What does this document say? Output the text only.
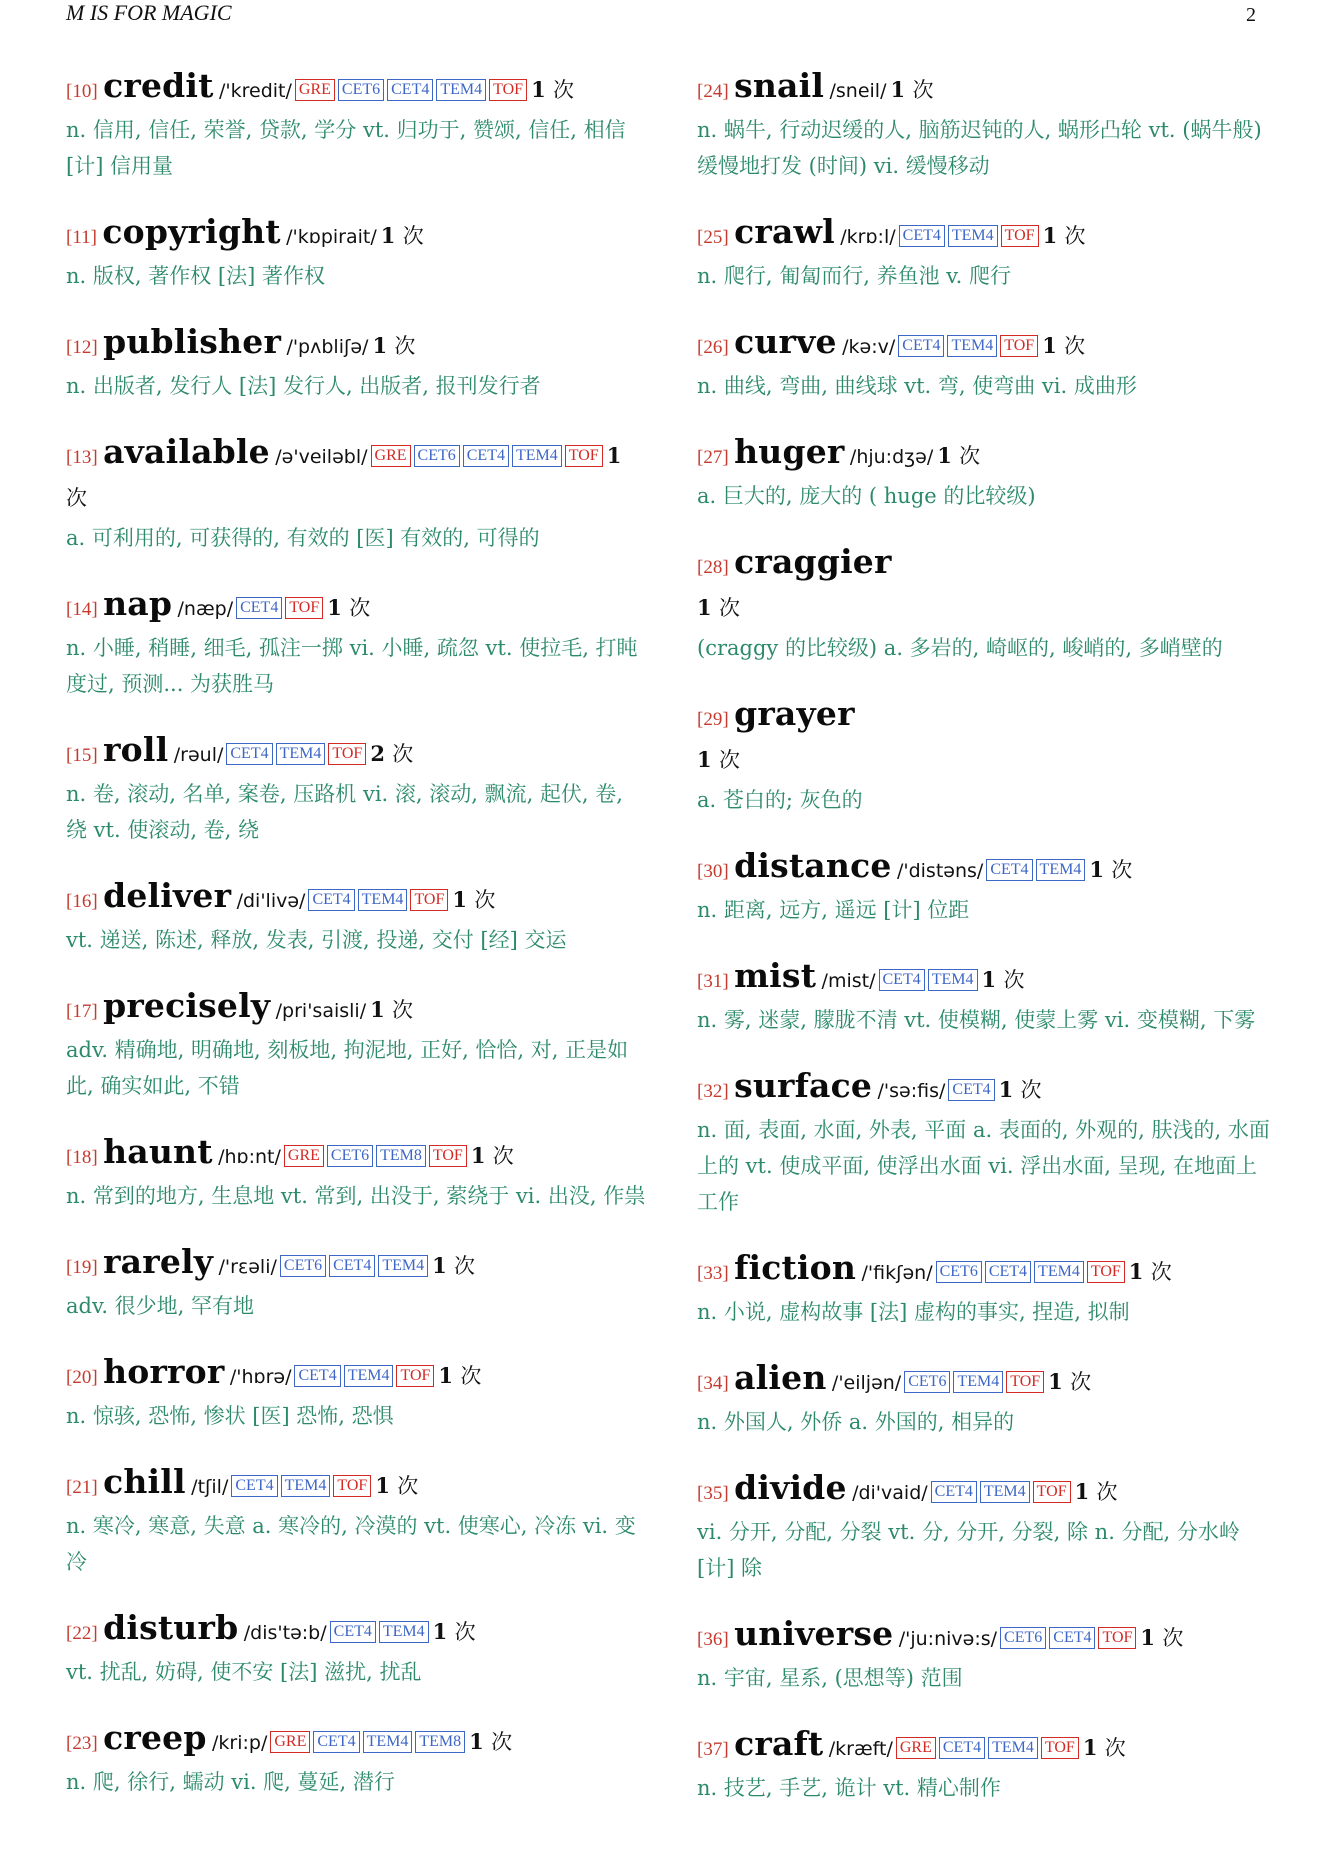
M IS FOR MAGIC	2
[10] credit /'kredit/ GRE CET6 CET4 TEM4 TOF 1 次
n. 信用, 信任, 荣誉, 贷款, 学分 vt. 归功于, 赞颂, 信任, 相信 [计] 信用量
[11] copyright /'kɒpirait/ 1 次
n. 版权, 著作权 [法] 著作权
[12] publisher /'pʌbliʃə/ 1 次
n. 出版者, 发行人 [法] 发行人, 出版者, 报刊发行者
[13] available /ə'veiləbl/ GRE CET6 CET4 TEM4 TOF 1 次
a. 可利用的, 可获得的, 有效的 [医] 有效的, 可得的
[14] nap /næp/ CET4 TOF 1 次
n. 小睡, 稍睡, 细毛, 孤注一掷 vi. 小睡, 疏忽 vt. 使拉毛, 打盹度过, 预测... 为获胜马
[15] roll /rəul/ CET4 TEM4 TOF 2 次
n. 卷, 滚动, 名单, 案卷, 压路机 vi. 滚, 滚动, 飘流, 起伏, 卷, 绕 vt. 使滚动, 卷, 绕
[16] deliver /di'livə/ CET4 TEM4 TOF 1 次
vt. 递送, 陈述, 释放, 发表, 引渡, 投递, 交付 [经] 交运
[17] precisely /pri'saisli/ 1 次
adv. 精确地, 明确地, 刻板地, 拘泥地, 正好, 恰恰, 对, 正是如此, 确实如此, 不错
[18] haunt /hɒ:nt/ GRE CET6 TEM8 TOF 1 次
n. 常到的地方, 生息地 vt. 常到, 出没于, 萦绕于 vi. 出没, 作祟
[19] rarely /'rεəli/ CET6 CET4 TEM4 1 次
adv. 很少地, 罕有地
[20] horror /'hɒrə/ CET4 TEM4 TOF 1 次
n. 惊骇, 恐怖, 惨状 [医] 恐怖, 恐惧
[21] chill /tʃil/ CET4 TEM4 TOF 1 次
n. 寒冷, 寒意, 失意 a. 寒冷的, 冷漠的 vt. 使寒心, 冷冻 vi. 变冷
[22] disturb /dis'tə:b/ CET4 TEM4 1 次
vt. 扰乱, 妨碍, 使不安 [法] 滋扰, 扰乱
[23] creep /kri:p/ GRE CET4 TEM4 TEM8 1 次
n. 爬, 徐行, 蠕动 vi. 爬, 蔓延, 潜行
[24] snail /sneil/ 1 次
n. 蜗牛, 行动迟缓的人, 脑筋迟钝的人, 蜗形凸轮 vt. (蜗牛般) 缓慢地打发 (时间) vi. 缓慢移动
[25] crawl /krɒ:l/ CET4 TEM4 TOF 1 次
n. 爬行, 匍匐而行, 养鱼池 v. 爬行
[26] curve /kə:v/ CET4 TEM4 TOF 1 次
n. 曲线, 弯曲, 曲线球 vt. 弯, 使弯曲 vi. 成曲形
[27] huger /hju:dʒə/ 1 次
a. 巨大的, 庞大的 ( huge 的比较级)
[28] craggier
1 次
(craggy 的比较级) a. 多岩的, 崎岖的, 峻峭的, 多峭壁的
[29] grayer
1 次
a. 苍白的; 灰色的
[30] distance /'distəns/ CET4 TEM4 1 次
n. 距离, 远方, 遥远 [计] 位距
[31] mist /mist/ CET4 TEM4 1 次
n. 雾, 迷蒙, 朦胧不清 vt. 使模糊, 使蒙上雾 vi. 变模糊, 下雾
[32] surface /'sə:fis/ CET4 1 次
n. 面, 表面, 水面, 外表, 平面 a. 表面的, 外观的, 肤浅的, 水面上的 vt. 使成平面, 使浮出水面 vi. 浮出水面, 呈现, 在地面上工作
[33] fiction /'fikʃən/ CET6 CET4 TEM4 TOF 1 次
n. 小说, 虚构故事 [法] 虚构的事实, 捏造, 拟制
[34] alien /'eiljən/ CET6 TEM4 TOF 1 次
n. 外国人, 外侨 a. 外国的, 相异的
[35] divide /di'vaid/ CET4 TEM4 TOF 1 次
vi. 分开, 分配, 分裂 vt. 分, 分开, 分裂, 除 n. 分配, 分水岭 [计] 除
[36] universe /'ju:nivə:s/ CET6 CET4 TOF 1 次
n. 宇宙, 星系, (思想等) 范围
[37] craft /kræft/ GRE CET4 TEM4 TOF 1 次
n. 技艺, 手艺, 诡计 vt. 精心制作
